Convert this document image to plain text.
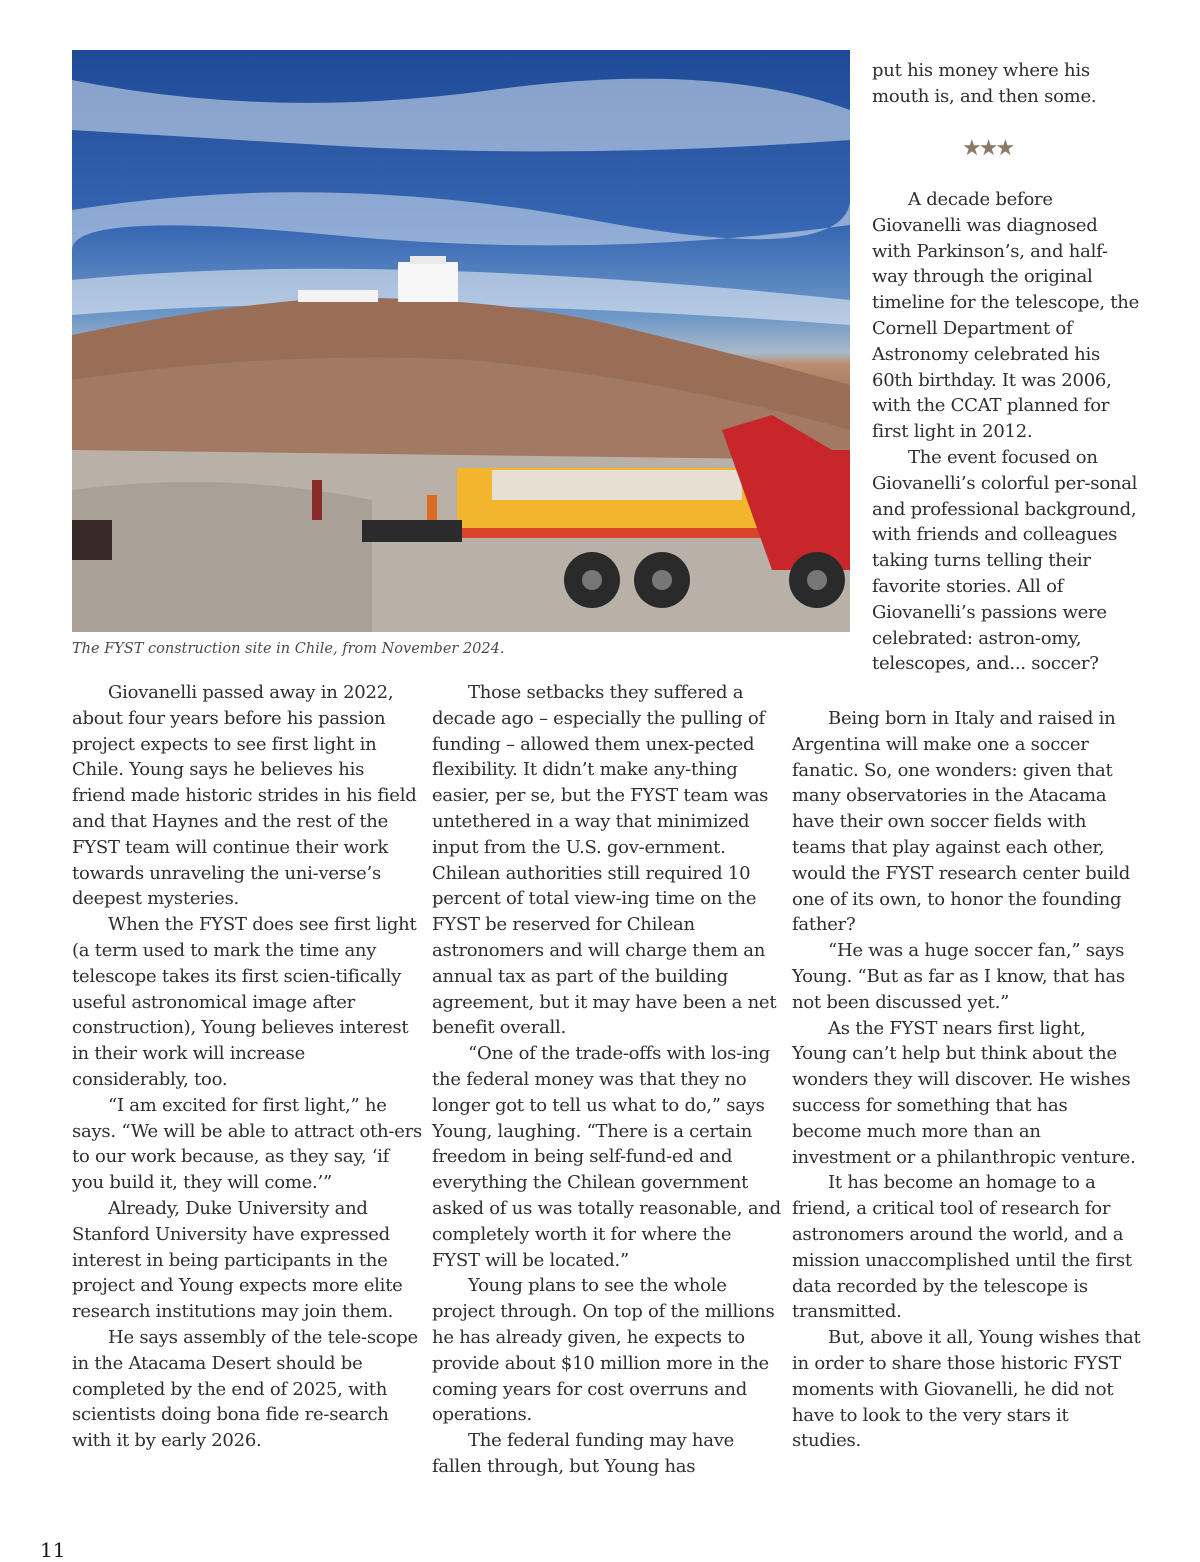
The FYST construction site in Chile, from November 2024.

put his money where his mouth is, and then some.

★★★

A decade before Giovanelli was diagnosed with Parkinson’s, and half-way through the original timeline for the telescope, the Cornell Department of Astronomy celebrated his 60th birthday. It was 2006, with the CCAT planned for first light in 2012.

The event focused on Giovanelli’s colorful per-sonal and professional background, with friends and colleagues taking turns telling their favorite stories. All of Giovanelli’s passions were celebrated: astron-omy, telescopes, and... soccer?

Giovanelli passed away in 2022, about four years before his passion project expects to see first light in Chile. Young says he believes his friend made historic strides in his field and that Haynes and the rest of the FYST team will continue their work towards unraveling the uni-verse’s deepest mysteries.

When the FYST does see first light (a term used to mark the time any telescope takes its first scien-tifically useful astronomical image after construction), Young believes interest in their work will increase considerably, too.

“I am excited for first light,” he says. “We will be able to attract oth-ers to our work because, as they say, ‘if you build it, they will come.’”

Already, Duke University and Stanford University have expressed interest in being participants in the project and Young expects more elite research institutions may join them.

He says assembly of the tele-scope in the Atacama Desert should be completed by the end of 2025, with scientists doing bona fide re-search with it by early 2026.

Those setbacks they suffered a decade ago – especially the pulling of funding – allowed them unex-pected flexibility. It didn’t make any-thing easier, per se, but the FYST team was untethered in a way that minimized input from the U.S. gov-ernment. Chilean authorities still required 10 percent of total view-ing time on the FYST be reserved for Chilean astronomers and will charge them an annual tax as part of the building agreement, but it may have been a net benefit overall.

“One of the trade-offs with los-ing the federal money was that they no longer got to tell us what to do,” says Young, laughing. “There is a certain freedom in being self-fund-ed and everything the Chilean government asked of us was totally reasonable, and completely worth it for where the FYST will be located.”

Young plans to see the whole project through. On top of the millions he has already given, he expects to provide about $10 million more in the coming years for cost overruns and operations.

The federal funding may have fallen through, but Young has

Being born in Italy and raised in Argentina will make one a soccer fanatic. So, one wonders: given that many observatories in the Atacama have their own soccer fields with teams that play against each other, would the FYST research center build one of its own, to honor the founding father?

“He was a huge soccer fan,” says Young. “But as far as I know, that has not been discussed yet.”

As the FYST nears first light, Young can’t help but think about the wonders they will discover. He wishes success for something that has become much more than an investment or a philanthropic venture.

It has become an homage to a friend, a critical tool of research for astronomers around the world, and a mission unaccomplished until the first data recorded by the telescope is transmitted.

But, above it all, Young wishes that in order to share those historic FYST moments with Giovanelli, he did not have to look to the very stars it studies.

11
